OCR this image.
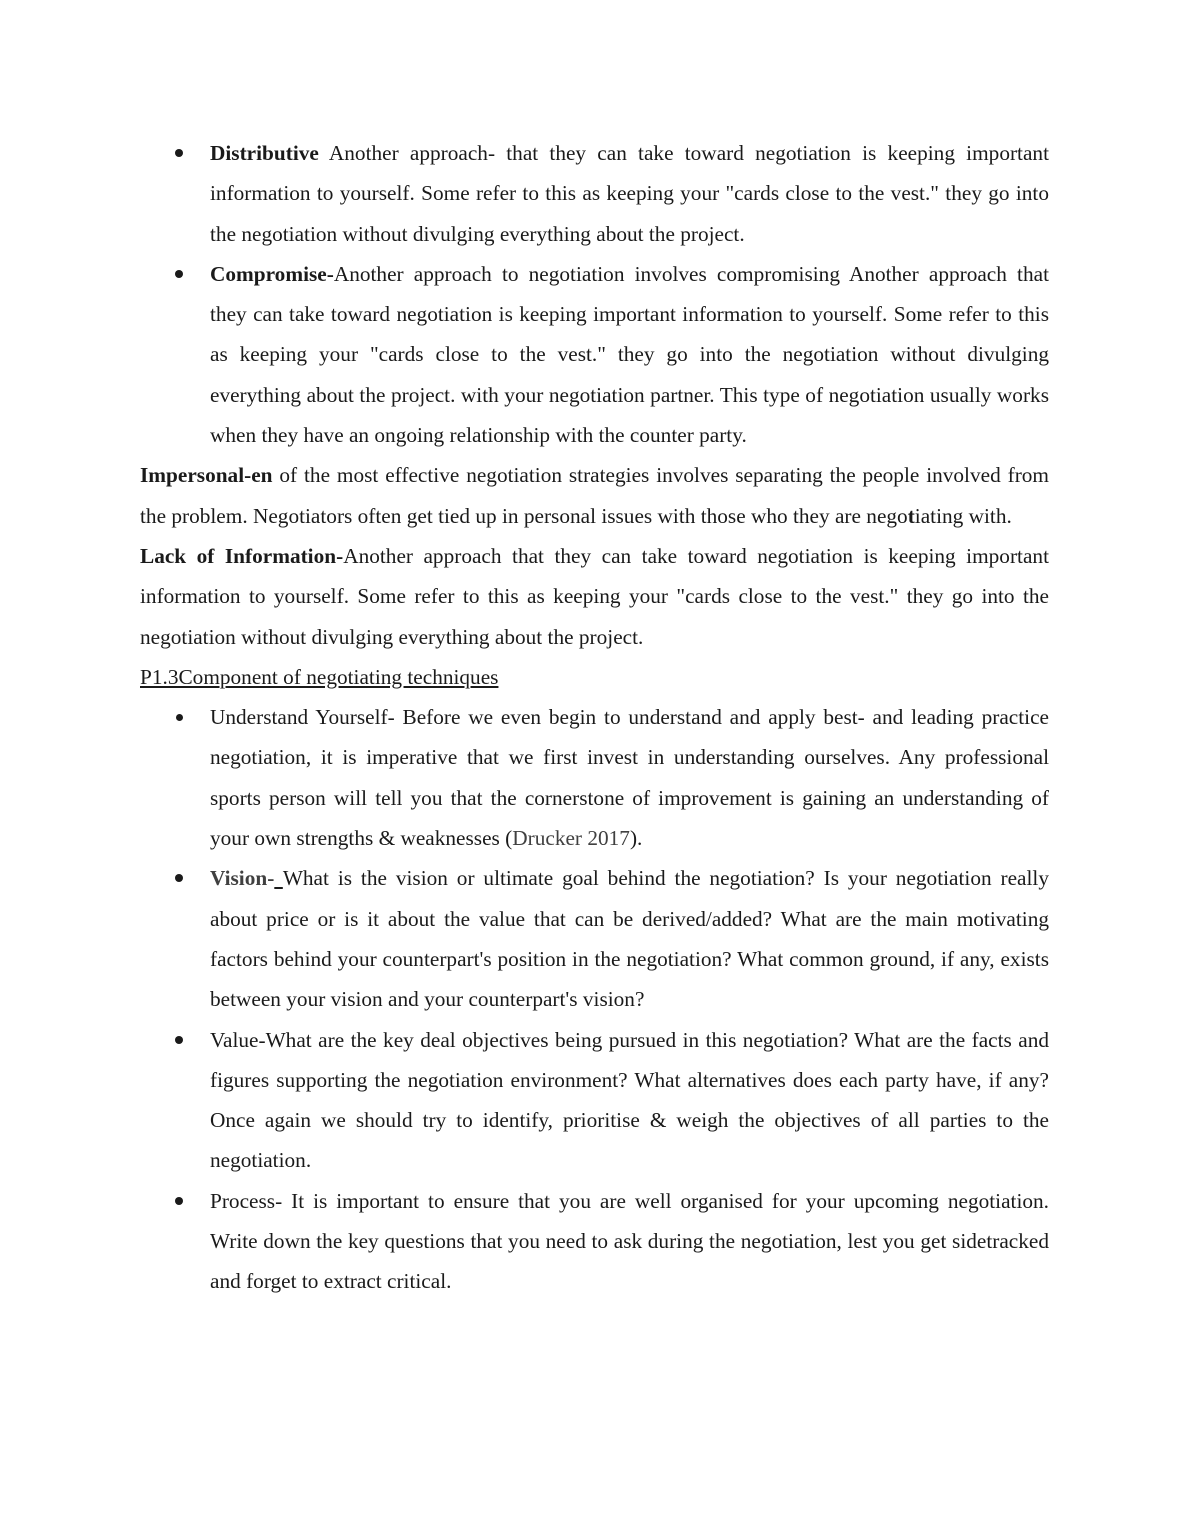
Distributive Another approach- that they can take toward negotiation is keeping important information to yourself. Some refer to this as keeping your "cards close to the vest." they go into the negotiation without divulging everything about the project.
Compromise-Another approach to negotiation involves compromising Another approach that they can take toward negotiation is keeping important information to yourself. Some refer to this as keeping your "cards close to the vest." they go into the negotiation without divulging everything about the project. with your negotiation partner. This type of negotiation usually works when they have an ongoing relationship with the counter party.

Impersonal-en of the most effective negotiation strategies involves separating the people involved from the problem. Negotiators often get tied up in personal issues with those who they are negotiating with.

Lack of Information-Another approach that they can take toward negotiation is keeping important information to yourself. Some refer to this as keeping your "cards close to the vest." they go into the negotiation without divulging everything about the project.

P1.3Component of negotiating techniques

Understand Yourself- Before we even begin to understand and apply best- and leading practice negotiation, it is imperative that we first invest in understanding ourselves. Any professional sports person will tell you that the cornerstone of improvement is gaining an understanding of your own strengths & weaknesses (Drucker 2017).
Vision- What is the vision or ultimate goal behind the negotiation? Is your negotiation really about price or is it about the value that can be derived/added? What are the main motivating factors behind your counterpart's position in the negotiation? What common ground, if any, exists between your vision and your counterpart's vision?
Value-What are the key deal objectives being pursued in this negotiation? What are the facts and figures supporting the negotiation environment? What alternatives does each party have, if any? Once again we should try to identify, prioritise & weigh the objectives of all parties to the negotiation.
Process- It is important to ensure that you are well organised for your upcoming negotiation. Write down the key questions that you need to ask during the negotiation, lest you get sidetracked and forget to extract critical.
